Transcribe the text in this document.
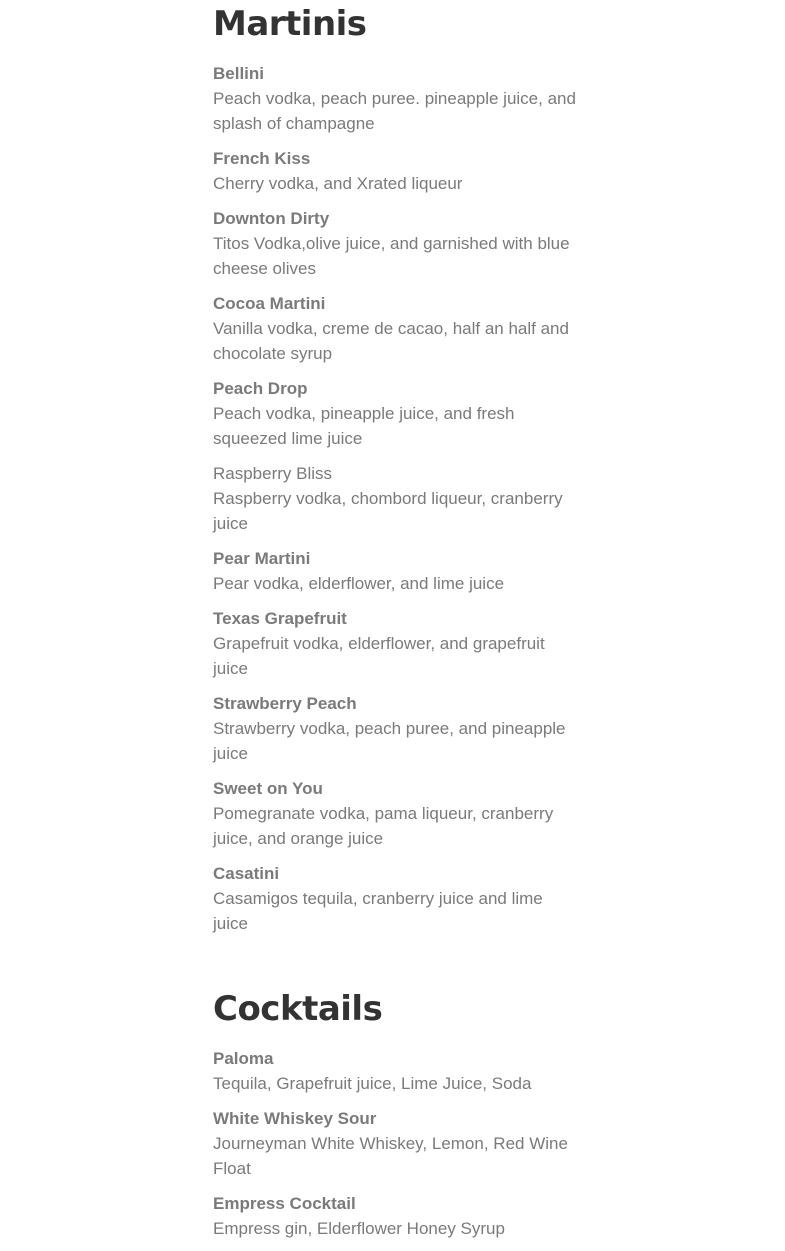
Martinis
Bellini
Peach vodka, peach puree. pineapple juice, and splash of champagne
French Kiss
Cherry vodka, and Xrated liqueur
Downton Dirty
Titos Vodka,olive juice, and garnished with blue cheese olives
Cocoa Martini
Vanilla vodka, creme de cacao, half an half and chocolate syrup
Peach Drop
Peach vodka, pineapple juice, and fresh squeezed lime juice
Raspberry Bliss
Raspberry vodka, chombord liqueur, cranberry juice
Pear Martini
Pear vodka, elderflower, and lime juice
Texas Grapefruit
Grapefruit vodka, elderflower, and grapefruit juice
Strawberry Peach
Strawberry vodka, peach puree, and pineapple juice
Sweet on You
Pomegranate vodka, pama liqueur, cranberry juice, and orange juice
Casatini
Casamigos tequila, cranberry juice and lime juice
Cocktails
Paloma
Tequila, Grapefruit juice, Lime Juice, Soda
White Whiskey Sour
Journeyman White Whiskey, Lemon, Red Wine Float
Empress Cocktail
Empress gin, Elderflower Honey Syrup
